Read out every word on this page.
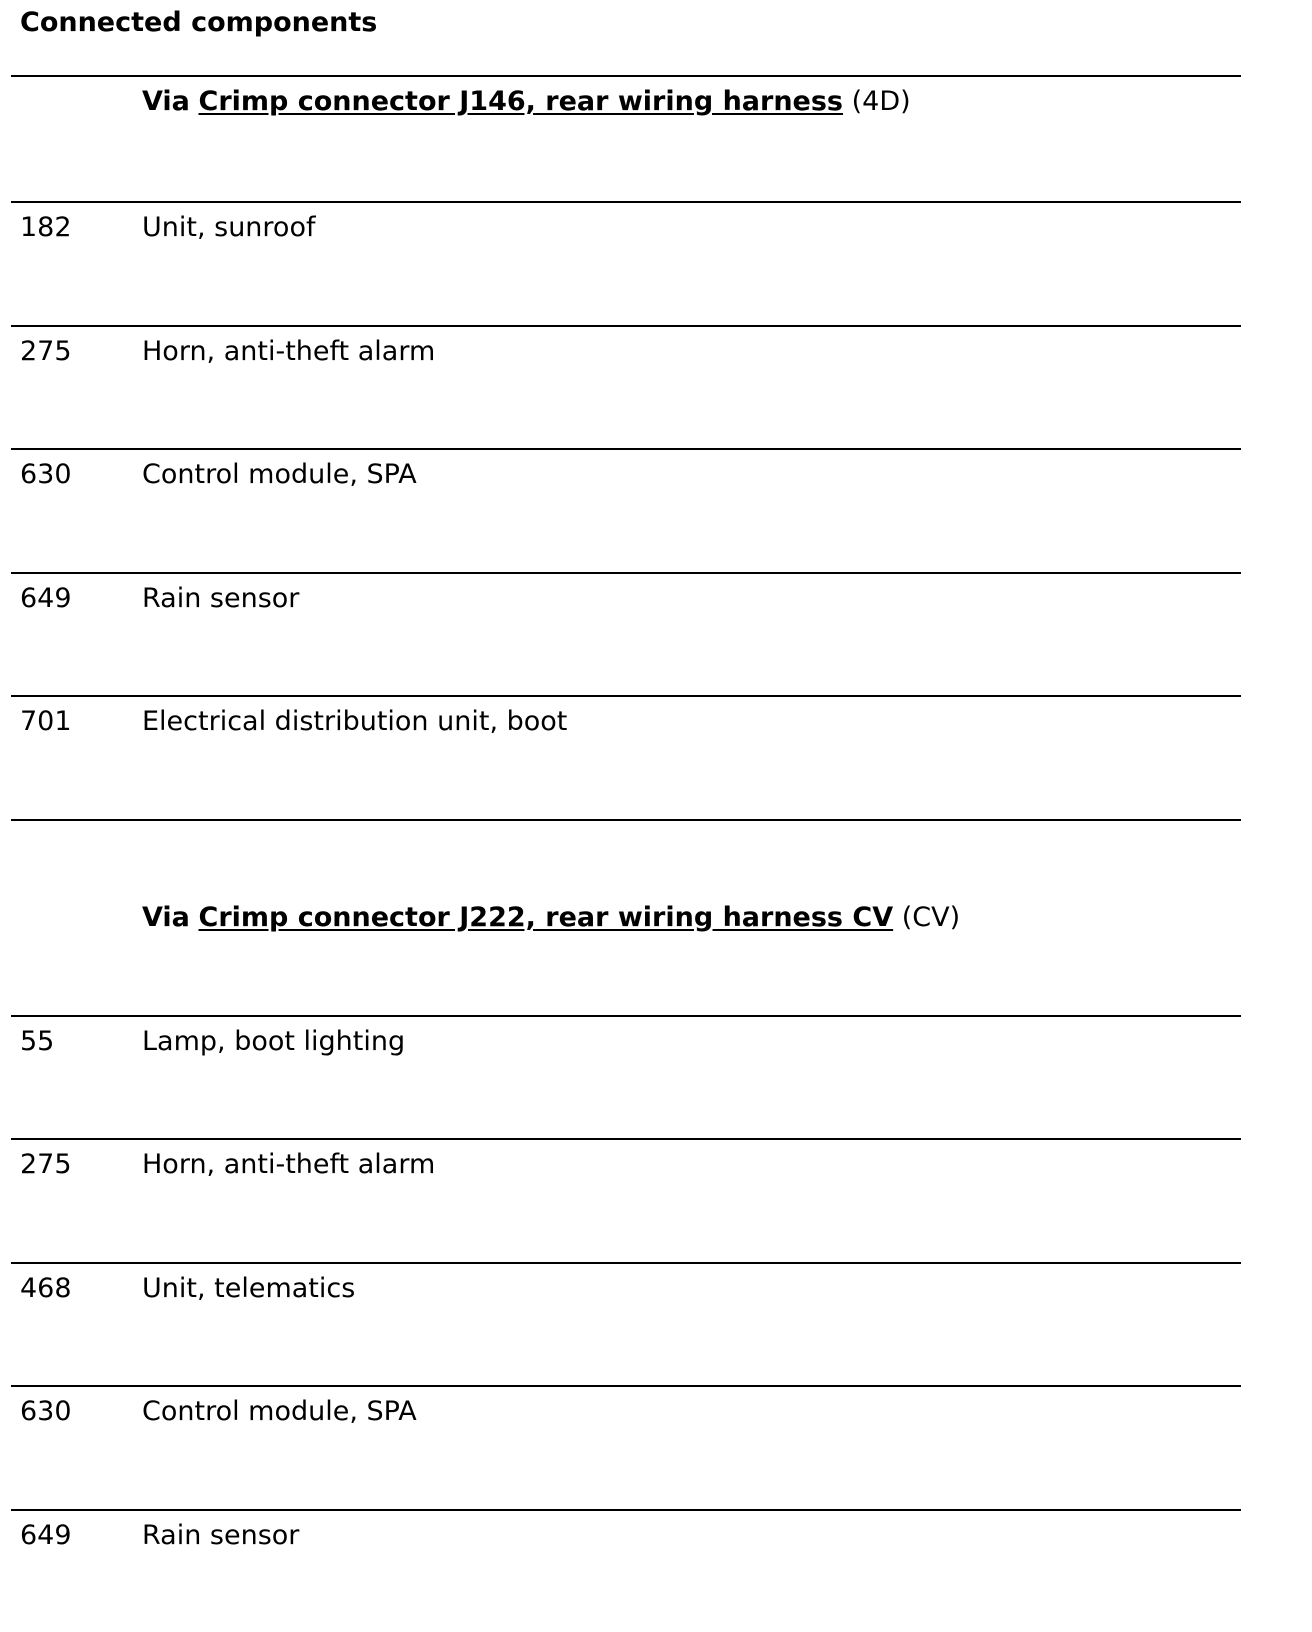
Connected components
Via Crimp connector J146, rear wiring harness (4D)
182	Unit, sunroof
275	Horn, anti-theft alarm
630	Control module, SPA
649	Rain sensor
701	Electrical distribution unit, boot
Via Crimp connector J222, rear wiring harness CV (CV)
55	Lamp, boot lighting
275	Horn, anti-theft alarm
468	Unit, telematics
630	Control module, SPA
649	Rain sensor
